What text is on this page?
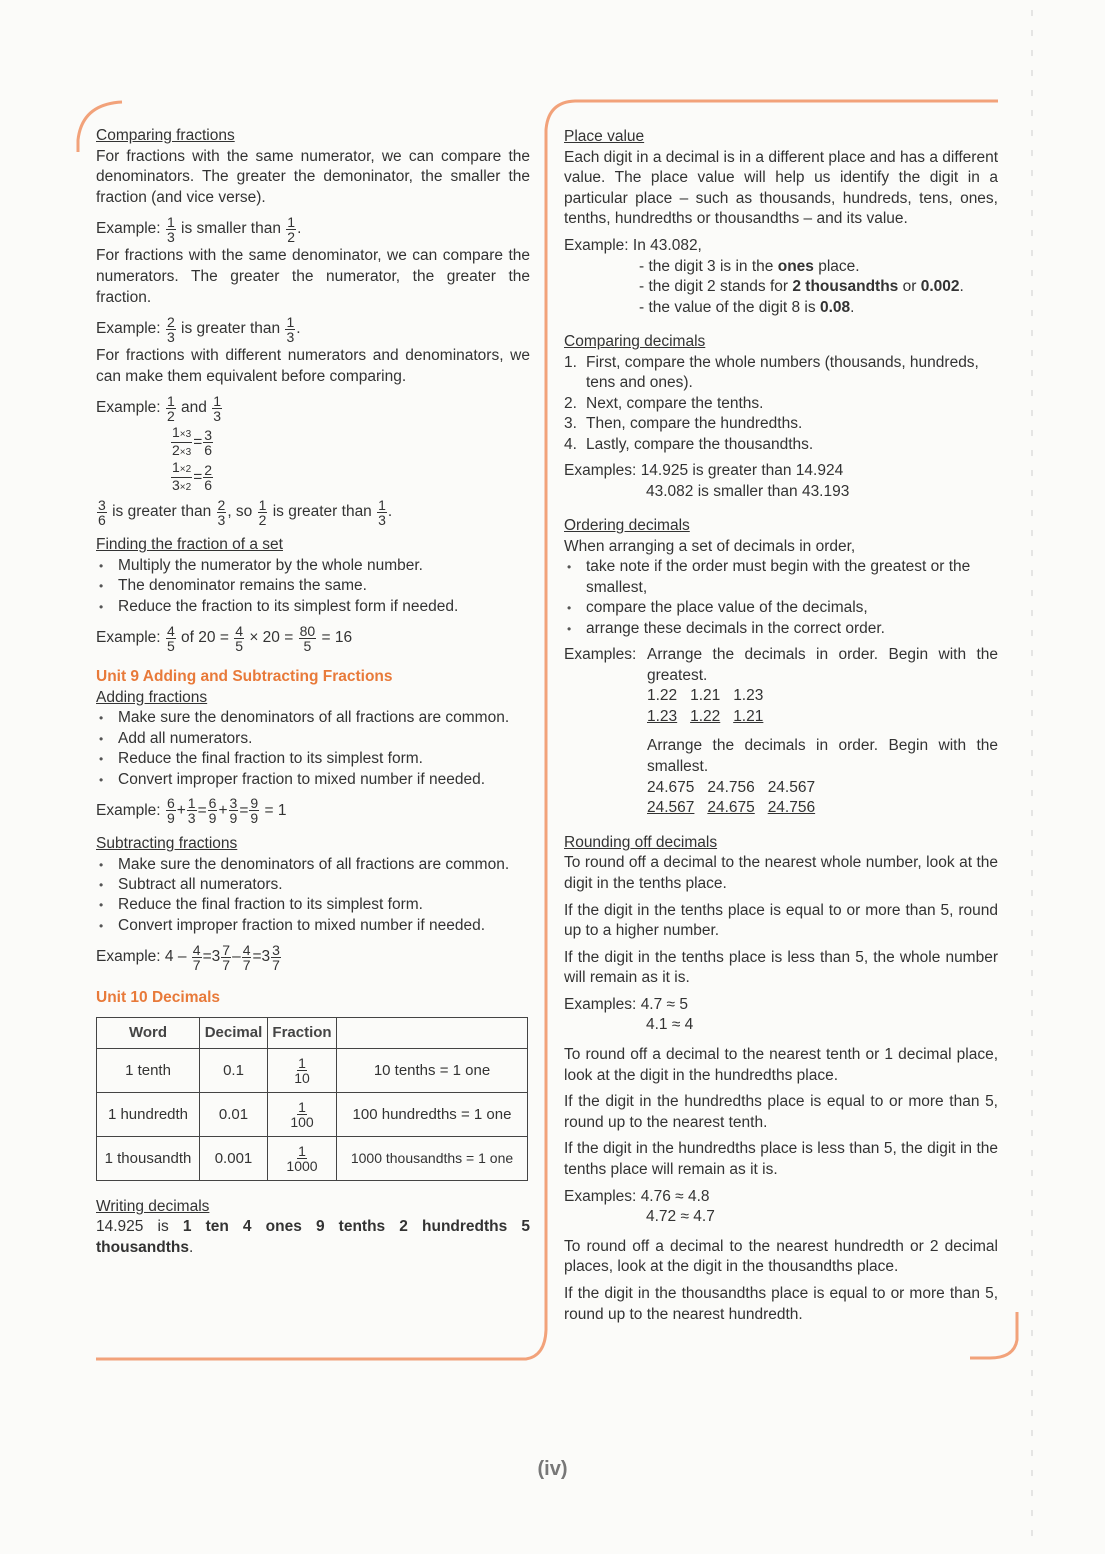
Comparing fractions
For fractions with the same numerator, we can compare the denominators. The greater the demoninator, the smaller the fraction (and vice verse).
Example: $\frac{1}{3}$ is smaller than $\frac{1}{2}$ .
For fractions with the same denominator, we can compare the numerators. The greater the numerator, the greater the fraction.
Example: $\frac{2}{3}$ is greater than $\frac{1}{3}$ .
For fractions with different numerators and denominators, we can make them equivalent before comparing.
Example: $\frac{1}{2}$ and $\frac{1}{3}$
$\frac{1\times 3}{2\times 3} = \frac{3}{6}$
$\frac{1\times 2}{3\times 2} = \frac{2}{6}$
$\frac{3}{6}$ is greater than $\frac{2}{3}$ , so $\frac{1}{2}$ is greater than $\frac{1}{3}$ .
Finding the fraction of a set
• Multiply the numerator by the whole number.
• The denominator remains the same.
• Reduce the fraction to its simplest form if needed.
Example: $\frac{4}{5}$ of $20 = \frac{4}{5} \times 20 = \frac{80}{5} = 16$
Unit 9 Adding and Subtracting Fractions
Adding fractions
• Make sure the denominators of all fractions are common.
• Add all numerators.
• Reduce the final fraction to its simplest form.
• Convert improper fraction to mixed number if needed.
Example: $\frac{6}{9} + \frac{1}{3} = \frac{6}{9} + \frac{3}{9} = \frac{9}{9} = 1$
Subtracting fractions
• Make sure the denominators of all fractions are common.
• Subtract all numerators.
• Reduce the final fraction to its simplest form.
• Convert improper fraction to mixed number if needed.
Example: $4 - \frac{4}{7} =3 \frac{7}{7} - \frac{4}{7} =3 \frac{3}{7}$
Unit 10 Decimals
Word	Decimal	Fraction	
1 tenth	0.1	$\frac{1}{10}$	10 tenths = 1 one
1 hundredth	0.01	$\frac{1}{100}$	100 hundredths = 1 one
1 thousandth	0.001	$\frac{1}{1000}$	1000 thousandths = 1 one
Writing decimals
14.925 is 1 ten 4 ones 9 tenths 2 hundredths 5 thousandths.
Place value
Each digit in a decimal is in a different place and has a different value. The place value will help us identify the digit in a particular place – such as thousands, hundreds, tens, ones, tenths, hundredths or thousandths – and its value.
Example: In 43.082,
- the digit 3 is in the ones place.
- the digit 2 stands for 2 thousandths or 0.002.
- the value of the digit 8 is 0.08.
Comparing decimals
1. First, compare the whole numbers (thousands, hundreds, tens and ones).
2. Next, compare the tenths.
3. Then, compare the hundredths.
4. Lastly, compare the thousandths.
Examples: 14.925 is greater than 14.924
43.082 is smaller than 43.193
Ordering decimals
When arranging a set of decimals in order,
• take note if the order must begin with the greatest or the smallest,
• compare the place value of the decimals,
• arrange these decimals in the correct order.
Examples: Arrange the decimals in order. Begin with the greatest.
1.22 1.21 1.23
1.23 1.22 1.21
Arrange the decimals in order. Begin with the smallest.
24.675 24.756 24.567
24.567 24.675 24.756
Rounding off decimals
To round off a decimal to the nearest whole number, look at the digit in the tenths place.
If the digit in the tenths place is equal to or more than 5, round up to a higher number.
If the digit in the tenths place is less than 5, the whole number will remain as it is.
Examples: 4.7 ≈ 5
4.1 ≈ 4
To round off a decimal to the nearest tenth or 1 decimal place, look at the digit in the hundredths place.
If the digit in the hundredths place is equal to or more than 5, round up to the nearest tenth.
If the digit in the hundredths place is less than 5, the digit in the tenths place will remain as it is.
Examples: 4.76 ≈ 4.8
4.72 ≈ 4.7
To round off a decimal to the nearest hundredth or 2 decimal places, look at the digit in the thousandths place.
If the digit in the thousandths place is equal to or more than 5, round up to the nearest hundredth.
(iv)
